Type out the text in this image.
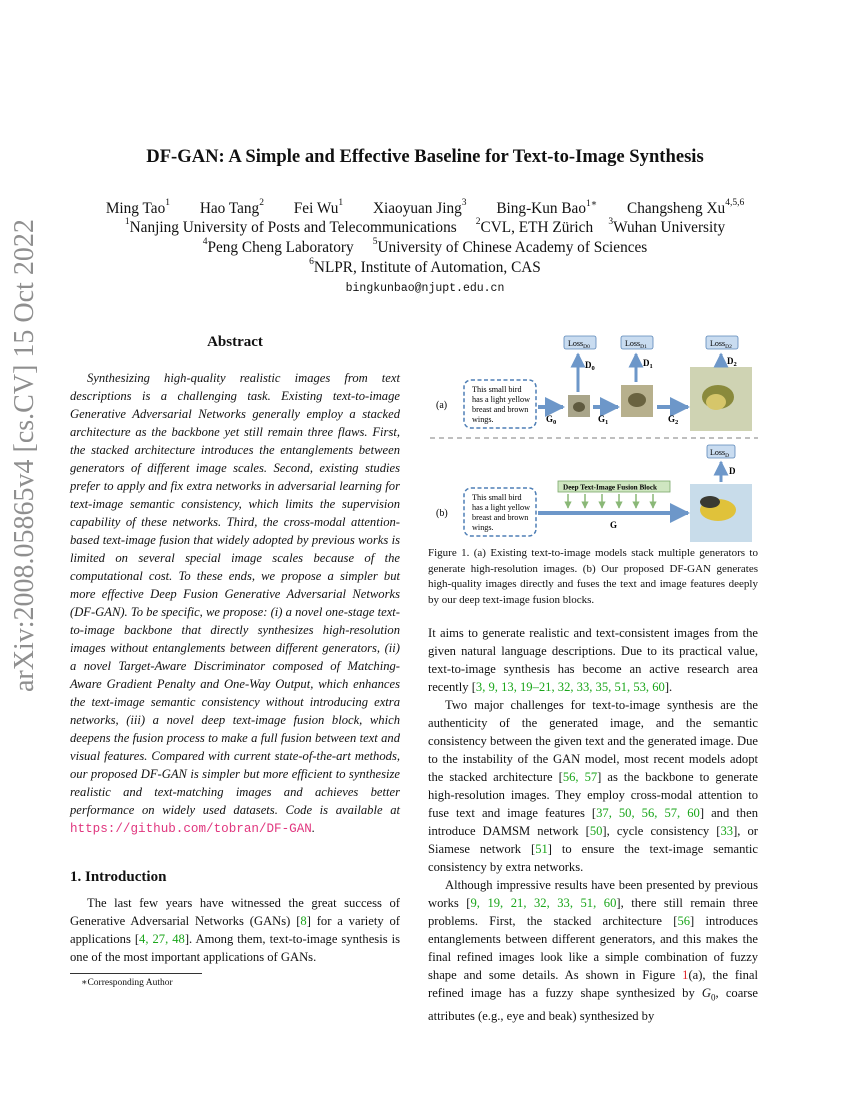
arXiv:2008.05865v4 [cs.CV] 15 Oct 2022
DF-GAN: A Simple and Effective Baseline for Text-to-Image Synthesis
Ming Tao$^1$ Hao Tang$^2$ Fei Wu$^1$ Xiaoyuan Jing$^3$ Bing-Kun Bao$^{1∗}$ Changsheng Xu$^{4,5,6}$
$^1$Nanjing University of Posts and Telecommunications $^2$CVL, ETH Zürich $^3$Wuhan University
$^4$Peng Cheng Laboratory $^5$University of Chinese Academy of Sciences
$^6$NLPR, Institute of Automation, CAS
bingkunbao@njupt.edu.cn
Abstract

Synthesizing high-quality realistic images from text descriptions is a challenging task. Existing text-to-image Generative Adversarial Networks generally employ a stacked architecture as the backbone yet still remain three flaws. First, the stacked architecture introduces the entanglements between generators of different image scales. Second, existing studies prefer to apply and fix extra networks in adversarial learning for text-image semantic consistency, which limits the supervision capability of these networks. Third, the cross-modal attention-based text-image fusion that widely adopted by previous works is limited on several special image scales because of the computational cost. To these ends, we propose a simpler but more effective Deep Fusion Generative Adversarial Networks (DF-GAN). To be specific, we propose: (i) a novel one-stage text-to-image backbone that directly synthesizes high-resolution images without entanglements between different generators, (ii) a novel Target-Aware Discriminator composed of Matching-Aware Gradient Penalty and One-Way Output, which enhances the text-image semantic consistency without introducing extra networks, (iii) a novel deep text-image fusion block, which deepens the fusion process to make a full fusion between text and visual features. Compared with current state-of-the-art methods, our proposed DF-GAN is simpler but more efficient to synthesize realistic and text-matching images and achieves better performance on widely used datasets. Code is available at https://github.com/tobran/DF-GAN.

1. Introduction

The last few years have witnessed the great success of Generative Adversarial Networks (GANs) [8] for a variety of applications [4, 27, 48]. Among them, text-to-image synthesis is one of the most important applications of GANs.

∗Corresponding Author
(a)
This small bird
has a light yellow
breast and brown
wings.	$G_0$
Loss$_{D0}$
$D_0$
$G_1$
Loss$_{D1}$
$D_1$
$G_2$
Loss$_{D2}$
$D_2$
Loss$_D$
D
(b)
This small bird
has a light yellow
breast and brown
wings.
Deep Text-Image Fusion Block
G
Figure 1. (a) Existing text-to-image models stack multiple generators to generate high-resolution images. (b) Our proposed DF-GAN generates high-quality images directly and fuses the text and image features deeply by our deep text-image fusion blocks.

It aims to generate realistic and text-consistent images from the given natural language descriptions. Due to its practical value, text-to-image synthesis has become an active research area recently [3, 9, 13, 19–21, 32, 33, 35, 51, 53, 60].

Two major challenges for text-to-image synthesis are the authenticity of the generated image, and the semantic consistency between the given text and the generated image. Due to the instability of the GAN model, most recent models adopt the stacked architecture [56, 57] as the backbone to generate high-resolution images. They employ cross-modal attention to fuse text and image features [37, 50, 56, 57, 60] and then introduce DAMSM network [50], cycle consistency [33], or Siamese network [51] to ensure the text-image semantic consistency by extra networks.

Although impressive results have been presented by previous works [9, 19, 21, 32, 33, 51, 60], there still remain three problems. First, the stacked architecture [56] introduces entanglements between different generators, and this makes the final refined images look like a simple combination of fuzzy shape and some details. As shown in Figure 1(a), the final refined image has a fuzzy shape synthesized by $G_0$, coarse attributes (e.g., eye and beak) synthesized by
